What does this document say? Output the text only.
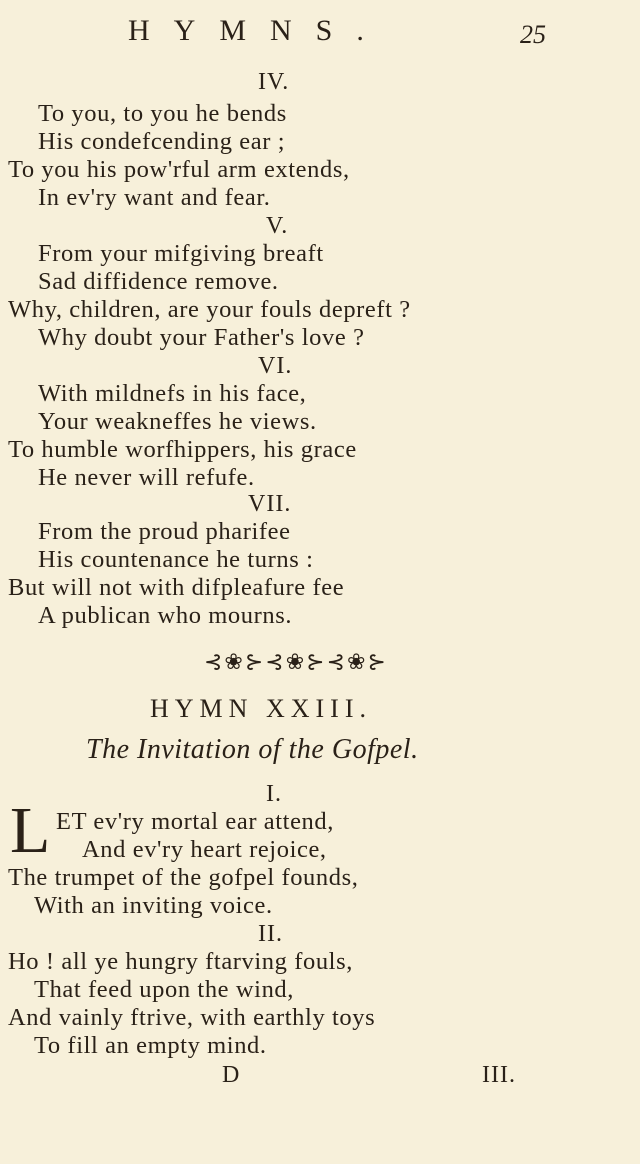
HYMNS.	25
IV.
To you, to you he bends
His condefcending ear ;
To you his pow'rful arm extends,
In ev'ry want and fear.
V.
From your mifgiving breaft
Sad diffidence remove.
Why, children, are your fouls depreft ?
Why doubt your Father's love ?
VI.
With mildnefs in his face,
Your weakneffes he views.
To humble worfhippers, his grace
He never will refufe.
VII.
From the proud pharifee
His countenance he turns :
But will not with difpleafure fee
A publican who mourns.
⊰❀⊱⊰❀⊱⊰❀⊱
HYMN XXIII.
The Invitation of the Gofpel.
I.
L ET ev'ry mortal ear attend,
And ev'ry heart rejoice,
The trumpet of the gofpel founds,
With an inviting voice.
II.
Ho ! all ye hungry ftarving fouls,
That feed upon the wind,
And vainly ftrive, with earthly toys
To fill an empty mind.
D	III.
